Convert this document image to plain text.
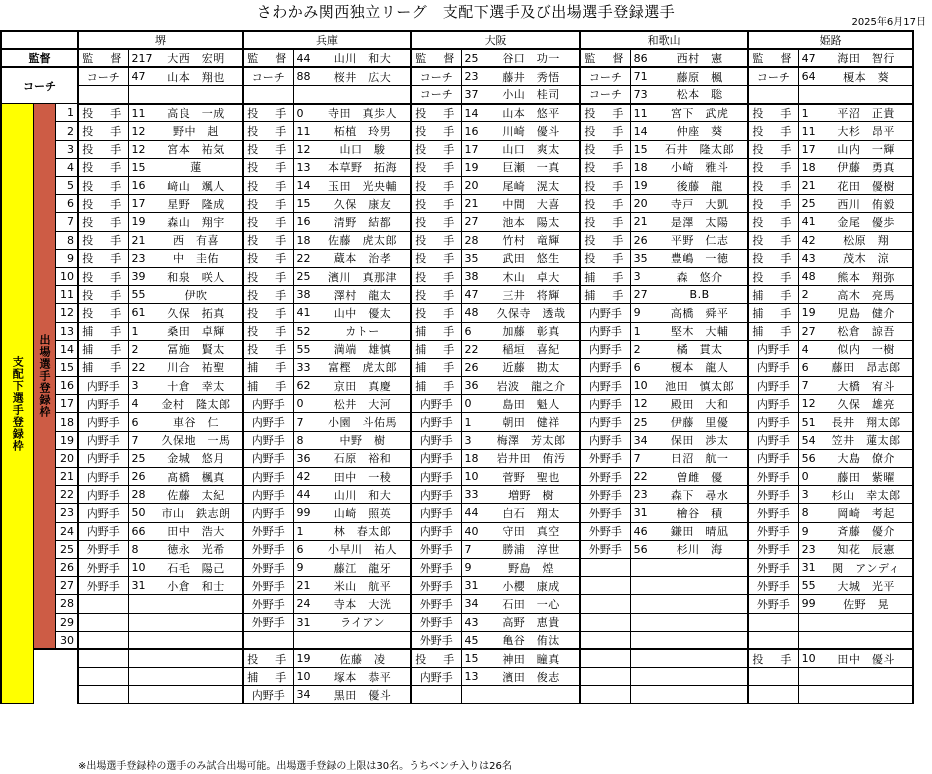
さわかみ関西独立リーグ　支配下選手及び出場選手登録選手
2025年6月17日
			堺			兵庫			大阪			和歌山			姫路		
監督			監　督	217	大西　宏明	監　督	44	山川　和大	監　督	25	谷口　功一	監　督	86	西村　憲	監　督	47	海田　智行
コーチ			コーチ	47	山本　翔也	コーチ	88	桜井　広大	コーチ	23	藤井　秀悟	コーチ	71	藤原　楓	コーチ	64	榎本　葵
									コーチ	37	小山　桂司	コーチ	73	松本　聡			

支配下選手登録枠	出場選手登録枠	1	投　手	11	高良　一成	投　手	0	寺田　真歩人	投　手	14	山本　悠平	投　手	11	宮下　武虎	投　手	1	平沼　正貴
		2	投　手	12	野中　赳	投　手	11	柘植　玲男	投　手	16	川崎　優斗	投　手	14	仲座　葵	投　手	11	大杉　昂平
		3	投　手	12	宮本　祐気	投　手	12	山口　駿	投　手	17	山口　爽太	投　手	15	石井　隆太郎	投　手	17	山内　一輝
		4	投　手	15	蓮	投　手	13	本草野　拓海	投　手	19	巨瀬　一真	投　手	18	小崎　雅斗	投　手	18	伊藤　勇真
		5	投　手	16	﨑山　颯人	投　手	14	玉田　光央輔	投　手	20	尾崎　滉太	投　手	19	後藤　龍	投　手	21	花田　優樹
		6	投　手	17	星野　隆成	投　手	15	久保　康友	投　手	21	中間　大喜	投　手	20	寺戸　大凱	投　手	25	西川　侑毅
		7	投　手	19	森山　翔宇	投　手	16	清野　結都	投　手	27	池本　陽太	投　手	21	是澤　太陽	投　手	41	金尾　優歩
		8	投　手	21	西　有喜	投　手	18	佐藤　虎太郎	投　手	28	竹村　竜輝	投　手	26	平野　仁志	投　手	42	松原　翔
		9	投　手	23	中　圭佑	投　手	22	蔵本　治孝	投　手	35	武田　悠生	投　手	35	豊嶋　一徳	投　手	43	茂木　涼
		10	投　手	39	和泉　咲人	投　手	25	濱川　真那津	投　手	38	木山　卓大	捕　手	3	森　悠介	投　手	48	熊本　翔弥
		11	投　手	55	伊吹	投　手	38	澤村　龍太	投　手	47	三井　将輝	捕　手	27	B.B	捕　手	2	高木　亮馬
		12	投　手	61	久保　拓真	投　手	41	山中　優太	投　手	48	久保寺　透哉	内野手	9	高橋　舜平	捕　手	19	児島　健介
		13	捕　手	1	桑田　卓輝	投　手	52	カトー	捕　手	6	加藤　彰真	内野手	1	堅木　大輔	捕　手	27	松倉　諒吾
		14	捕　手	2	冨施　賢太	投　手	55	満端　雄慎	捕　手	22	稲垣　喜紀	内野手	2	橘　貫太	内野手	4	似内　一樹
		15	捕　手	22	川合　祐聖	捕　手	33	富樫　虎太郎	捕　手	26	近藤　勘太	内野手	6	榎本　龍人	内野手	6	藤田　昂志郎
		16	内野手	3	十倉　幸太	捕　手	62	京田　真慶	捕　手	36	岩波　龍之介	内野手	10	池田　慎太郎	内野手	7	大橋　宥斗
		17	内野手	4	金村　隆太郎	内野手	0	松井　大河	内野手	0	島田　魁人	内野手	12	殿田　大和	内野手	12	久保　雄亮
		18	内野手	6	車谷　仁	内野手	7	小園　斗佑馬	内野手	1	朝田　健祥	内野手	25	伊藤　里優	内野手	51	長井　翔太郎
		19	内野手	7	久保地　一馬	内野手	8	中野　樹	内野手	3	梅澤　芳太郎	内野手	34	保田　渉太	内野手	54	笠井　蓮太郎
		20	内野手	25	金城　悠月	内野手	36	石原　裕和	内野手	18	岩井田　侑汚	外野手	7	日沼　航一	内野手	56	大島　僚介
		21	内野手	26	髙橋　楓真	内野手	42	田中　一稜	内野手	10	菅野　聖也	外野手	22	曽雌　優	外野手	0	藤田　紫曜
		22	内野手	28	佐藤　太紀	内野手	44	山川　和大	内野手	33	増野　樹	外野手	23	森下　尋水	外野手	3	杉山　幸太郎
		23	内野手	50	市山　鉄志朗	内野手	99	山崎　照英	内野手	44	白石　翔太	外野手	31	檜谷　積	外野手	8	岡崎　考起
		24	内野手	66	田中　浩大	外野手	1	林　春太郎	内野手	40	守田　真空	外野手	46	鎌田　晴凪	外野手	9	斉藤　優介
		25	外野手	8	徳永　光希	外野手	6	小早川　祐人	外野手	7	勝浦　淳世	外野手	56	杉川　海	外野手	23	知花　辰憲
		26	外野手	10	石毛　陽己	外野手	9	藤江　龍牙	外野手	9	野島　煌				外野手	31	関　アンディ
		27	外野手	31	小倉　和士	外野手	21	米山　航平	外野手	31	小櫻　康成				外野手	55	大城　光平
		28				外野手	24	寺本　大洸	外野手	34	石田　一心				外野手	99	佐野　晃
		29				外野手	31	ライアン	外野手	43	高野　恵貴						
		30							外野手	45	亀谷　侑汰						
						投　手	19	佐藤　凌	投　手	15	神田　瞳真				投　手	10	田中　優斗
						捕　手	10	塚本　恭平	内野手	13	濱田　俊志						
						内野手	34	黒田　優斗									
※出場選手登録枠の選手のみ試合出場可能。出場選手登録の上限は30名。うちベンチ入りは26名
